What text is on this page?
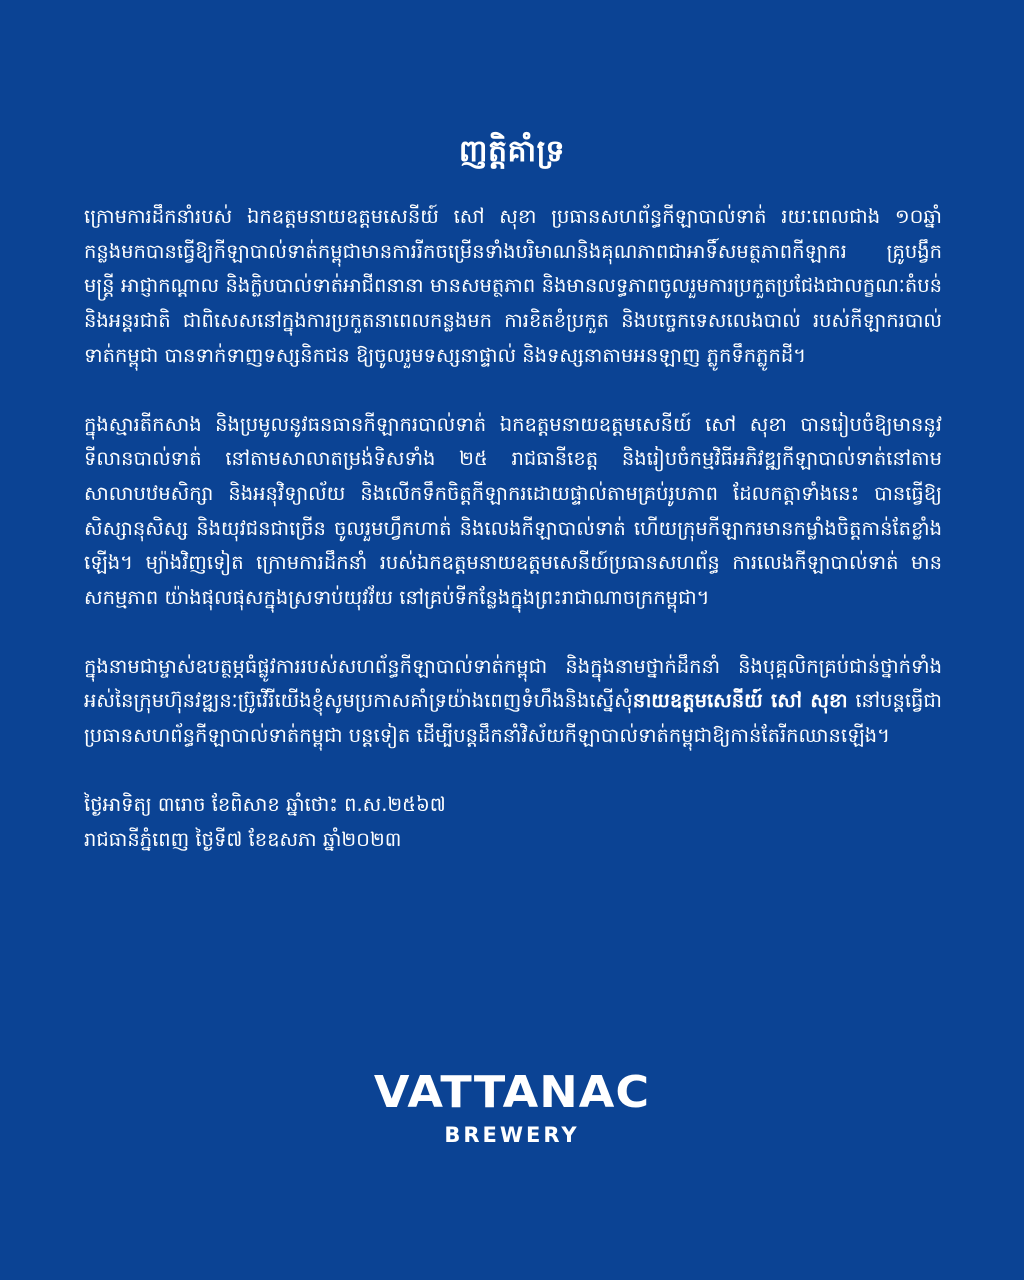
ញត្តិគាំទ្រ

ក្រោមការដឹកនាំរបស់ ឯកឧត្តមនាយឧត្តមសេនីយ៍ សៅ សុខា ប្រធានសហព័ន្ធកីឡាបាល់ទាត់ រយៈពេលជាង ១០ឆ្នាំកន្លងមកបានធ្វើឱ្យកីឡាបាល់ទាត់កម្ពុជាមានការរីកចម្រើនទាំងបរិមាណនិងគុណភាពជាអាទិ៍សមត្ថភាពកីឡាករ គ្រូបង្វឹក មន្រ្តី អាជ្ញាកណ្តាល និងក្លិបបាល់ទាត់អាជីពនានា មានសមត្ថភាព និងមានលទ្ធភាពចូលរួមការប្រកួតប្រជែងជាលក្ខណៈតំបន់ និងអន្តរជាតិ ជាពិសេសនៅក្នុងការប្រកួតនាពេលកន្លងមក ការខិតខំប្រកួត និងបច្ចេកទេសលេងបាល់ របស់កីឡាករបាល់ទាត់កម្ពុជា បានទាក់ទាញទស្សនិកជន ឱ្យចូលរួមទស្សនាផ្ទាល់ និងទស្សនាតាមអនឡាញ ភ្លូកទឹកភ្លូកដី។

ក្នុងស្មារតីកសាង និងប្រមូលនូវធនធានកីឡាករបាល់ទាត់ ឯកឧត្តមនាយឧត្តមសេនីយ៍ សៅ សុខា បានរៀបចំឱ្យមាននូវទីលានបាល់ទាត់ នៅតាមសាលាតម្រង់ទិសទាំង ២៥ រាជធានីខេត្ត និងរៀបចំកម្មវិធីអភិវឌ្ឍកីឡាបាល់ទាត់នៅតាមសាលាបឋមសិក្សា និងអនុវិទ្យាល័យ និងលើកទឹកចិត្តកីឡាករដោយផ្ទាល់តាមគ្រប់រូបភាព ដែលកត្តាទាំងនេះ បានធ្វើឱ្យសិស្សានុសិស្ស និងយុវជនជាច្រើន ចូលរួមហ្វឹកហាត់ និងលេងកីឡាបាល់ទាត់ ហើយក្រុមកីឡាករមានកម្លាំងចិត្តកាន់តែខ្លាំងឡើង។ ម្យ៉ាងវិញទៀត ក្រោមការដឹកនាំ របស់ឯកឧត្តមនាយឧត្តមសេនីយ៍ប្រធានសហព័ន្ធ ការលេងកីឡាបាល់ទាត់ មានសកម្មភាព យ៉ាងផុលផុសក្នុងស្រទាប់យុវវ័យ នៅគ្រប់ទីកន្លែងក្នុងព្រះរាជាណាចក្រកម្ពុជា។

ក្នុងនាមជាម្ចាស់ឧបត្ថម្ភធំផ្លូវការរបស់សហព័ន្ធកីឡាបាល់ទាត់កម្ពុជា និងក្នុងនាមថ្នាក់ដឹកនាំ និងបុគ្គលិកគ្រប់ជាន់ថ្នាក់ទាំងអស់នៃក្រុមហ៊ុនវឌ្ឍនៈប្រ៊ូវើរីយើងខ្ញុំសូមប្រកាសគាំទ្រយ៉ាងពេញទំហឹងនិងស្នើសុំនាយឧត្តមសេនីយ៍ សៅ សុខា នៅបន្តធ្វើជាប្រធានសហព័ន្ធកីឡាបាល់ទាត់កម្ពុជា បន្តទៀត ដើម្បីបន្តដឹកនាំវិស័យកីឡាបាល់ទាត់កម្ពុជាឱ្យកាន់តែរីកឈានឡើង។

ថ្ងៃអាទិត្យ ៣រោច ខែពិសាខ ឆ្នាំថោះ ព.ស.២៥៦៧
រាជធានីភ្នំពេញ ថ្ងៃទី៧ ខែឧសភា ឆ្នាំ២០២៣
VATTANAC
BREWERY
